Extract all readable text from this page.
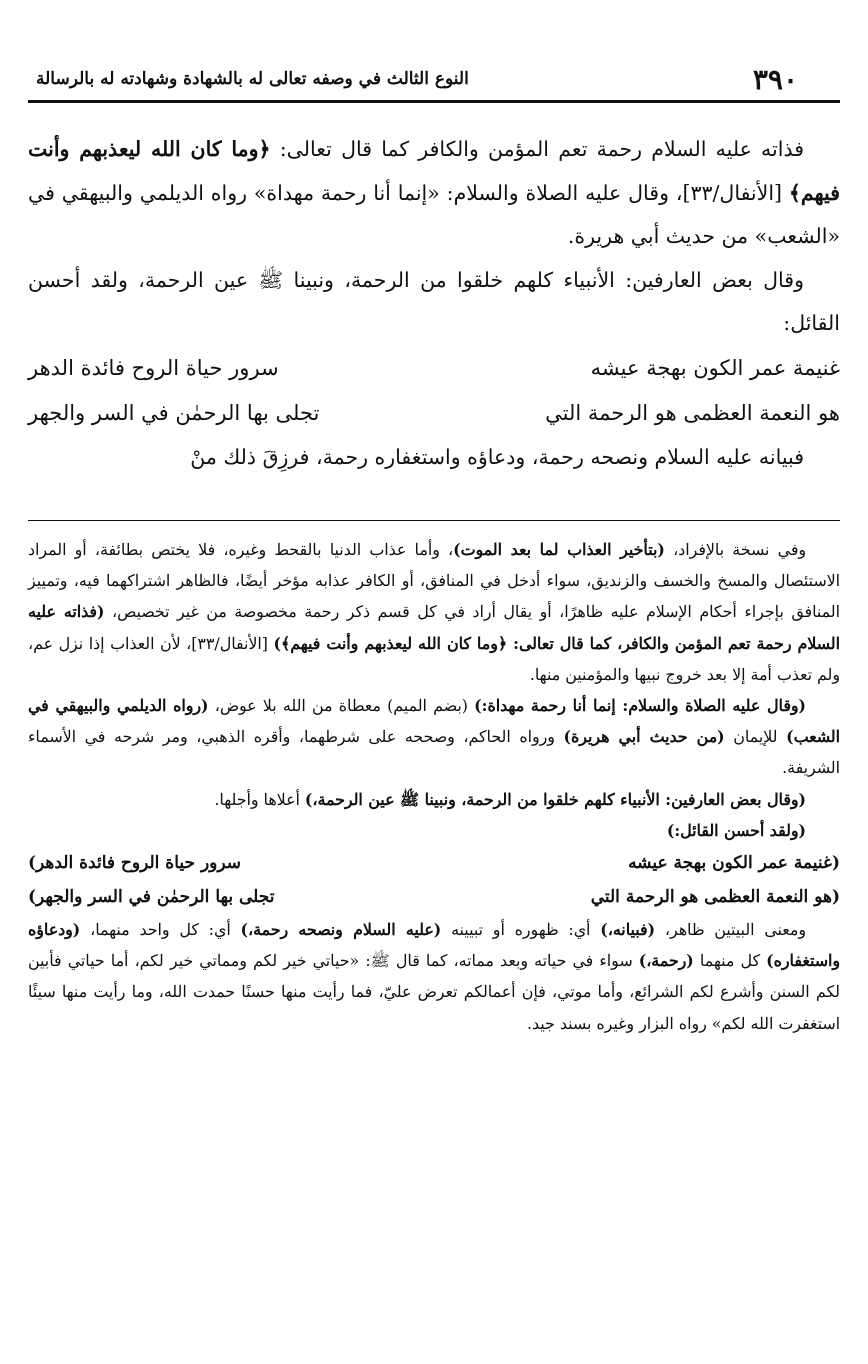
٣٩٠
النوع الثالث في وصفه تعالى له بالشهادة وشهادته له بالرسالة

فذاته عليه السلام رحمة تعم المؤمن والكافر كما قال تعالى: ﴿وما كان الله ليعذبهم وأنت فيهم﴾ [الأنفال/٣٣]، وقال عليه الصلاة والسلام: «إنما أنا رحمة مهداة» رواه الديلمي والبيهقي في «الشعب» من حديث أبي هريرة.

وقال بعض العارفين: الأنبياء كلهم خلقوا من الرحمة، ونبينا ﷺ عين الرحمة، ولقد أحسن القائل:

غنيمة عمر الكون بهجة عيشه
سرور حياة الروح فائدة الدهر
هو النعمة العظمى هو الرحمة التي
تجلى بها الرحمٰن في السر والجهر

فبيانه عليه السلام ونصحه رحمة، ودعاؤه واستغفاره رحمة، فرزِقَ ذلك منْ

وفي نسخة بالإفراد، (بتأخير العذاب لما بعد الموت)، وأما عذاب الدنيا بالقحط وغيره، فلا يختص بطائفة، أو المراد الاستئصال والمسخ والخسف والزنديق، سواء أدخل في المنافق، أو الكافر عذابه مؤخر أيضًا، فالظاهر اشتراكهما فيه، وتمييز المنافق بإجراء أحكام الإسلام عليه ظاهرًا، أو يقال أراد في كل قسم ذكر رحمة مخصوصة من غير تخصيص، (فذاته عليه السلام رحمة تعم المؤمن والكافر، كما قال تعالى: ﴿وما كان الله ليعذبهم وأنت فيهم﴾) [الأنفال/٣٣]، لأن العذاب إذا نزل عم، ولم تعذب أمة إلا بعد خروج نبيها والمؤمنين منها.

(وقال عليه الصلاة والسلام: إنما أنا رحمة مهداة:) (بضم الميم) معطاة من الله بلا عوض، (رواه الديلمي والبيهقي في الشعب) للإيمان (من حديث أبي هريرة) ورواه الحاكم، وصححه على شرطهما، وأقره الذهبي، ومر شرحه في الأسماء الشريفة.

(وقال بعض العارفين: الأنبياء كلهم خلقوا من الرحمة، ونبينا ﷺ عين الرحمة،) أعلاها وأجلها.

(ولقد أحسن القائل:)

(غنيمة عمر الكون بهجة عيشه
سرور حياة الروح فائدة الدهر)
(هو النعمة العظمى هو الرحمة التي
تجلى بها الرحمٰن في السر والجهر)

ومعنى البيتين ظاهر، (فبيانه،) أي: ظهوره أو تبيينه (عليه السلام ونصحه رحمة،) أي: كل واحد منهما، (ودعاؤه واستغفاره) كل منهما (رحمة،) سواء في حياته وبعد مماته، كما قال ﷺ: «حياتي خير لكم ومماتي خير لكم، أما حياتي فأبين لكم السنن وأشرع لكم الشرائع، وأما موتي، فإن أعمالكم تعرض عليّ، فما رأيت منها حسنًا حمدت الله، وما رأيت منها سيئًا استغفرت الله لكم» رواه البزار وغيره بسند جيد.
